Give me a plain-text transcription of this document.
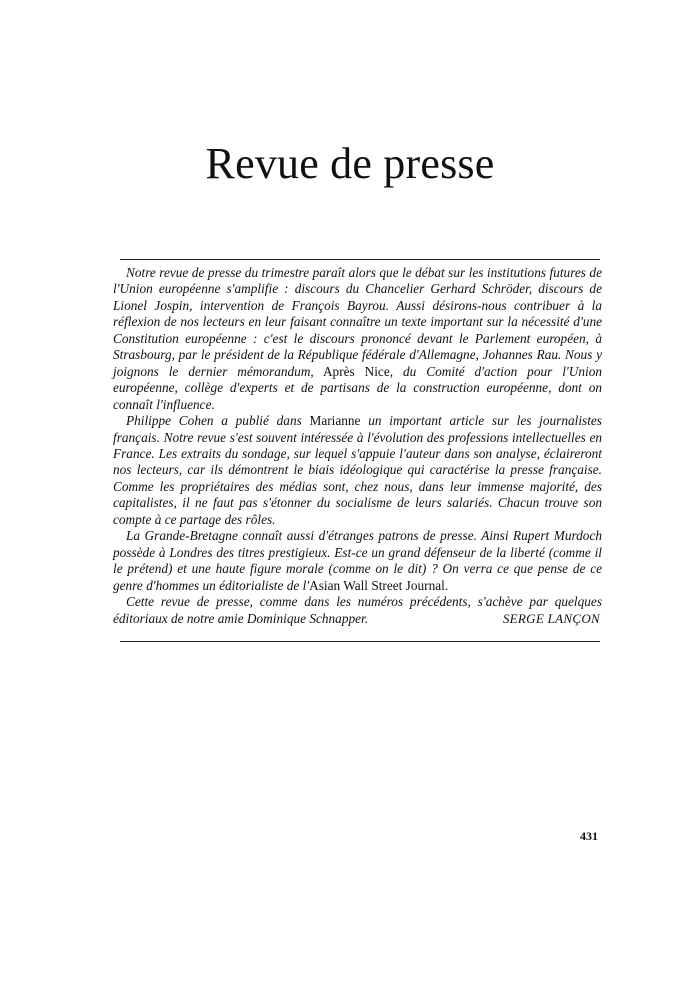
Revue de presse

Notre revue de presse du trimestre paraît alors que le débat sur les institutions futures de l'Union européenne s'amplifie : discours du Chancelier Gerhard Schröder, discours de Lionel Jospin, intervention de François Bayrou. Aussi désirons-nous contribuer à la réflexion de nos lecteurs en leur faisant connaître un texte important sur la nécessité d'une Constitution européenne : c'est le discours prononcé devant le Parlement européen, à Strasbourg, par le président de la République fédérale d'Allemagne, Johannes Rau. Nous y joignons le dernier mémorandum, Après Nice, du Comité d'action pour l'Union européenne, collège d'experts et de partisans de la construction européenne, dont on connaît l'influence.

Philippe Cohen a publié dans Marianne un important article sur les journalistes français. Notre revue s'est souvent intéressée à l'évolution des professions intellectuelles en France. Les extraits du sondage, sur lequel s'appuie l'auteur dans son analyse, éclaireront nos lecteurs, car ils démontrent le biais idéologique qui caractérise la presse française. Comme les propriétaires des médias sont, chez nous, dans leur immense majorité, des capitalistes, il ne faut pas s'étonner du socialisme de leurs salariés. Chacun trouve son compte à ce partage des rôles.

La Grande-Bretagne connaît aussi d'étranges patrons de presse. Ainsi Rupert Murdoch possède à Londres des titres prestigieux. Est-ce un grand défenseur de la liberté (comme il le prétend) et une haute figure morale (comme on le dit) ? On verra ce que pense de ce genre d'hommes un éditorialiste de l'Asian Wall Street Journal.

Cette revue de presse, comme dans les numéros précédents, s'achève par quelques éditoriaux de notre amie Dominique Schnapper.	SERGE LANÇON
431
